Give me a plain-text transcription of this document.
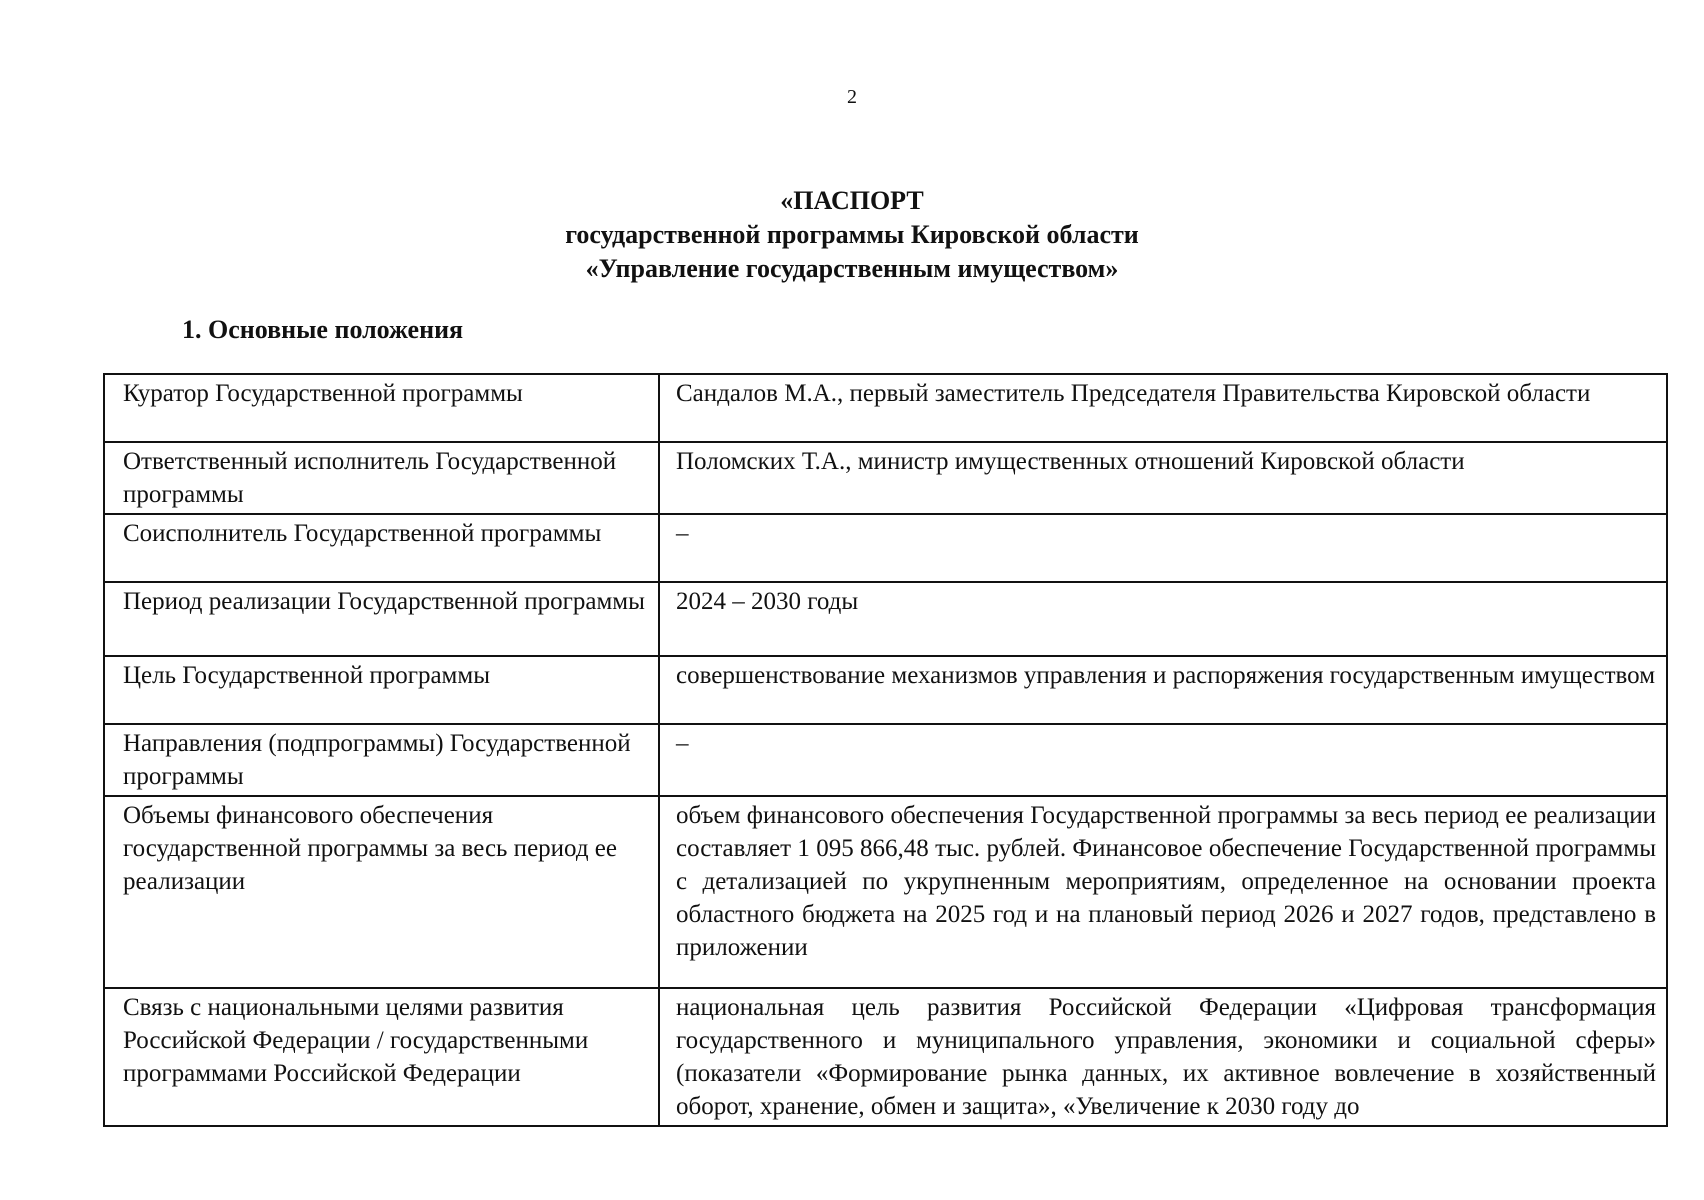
2
«ПАСПОРТ
государственной программы Кировской области
«Управление государственным имуществом»
1. Основные положения
Куратор Государственной программы	Сандалов М.А., первый заместитель Председателя Правительства Кировской области
Ответственный исполнитель Государственной программы	Поломских Т.А., министр имущественных отношений Кировской области
Соисполнитель Государственной программы	–
Период реализации Государственной программы	2024 – 2030 годы
Цель Государственной программы	совершенствование механизмов управления и распоряжения государственным имуществом
Направления (подпрограммы) Государственной программы	–
Объемы финансового обеспечения государственной программы за весь период ее реализации	объем финансового обеспечения Государственной программы за весь период ее реализации составляет 1 095 866,48 тыс. рублей. Финансовое обеспечение Государственной программы с детализацией по укрупненным мероприятиям, определенное на основании проекта областного бюджета на 2025 год и на плановый период 2026 и 2027 годов, представлено в приложении
Связь с национальными целями развития Российской Федерации / государственными программами Российской Федерации	национальная цель развития Российской Федерации «Цифровая трансформация государственного и муниципального управления, экономики и социальной сферы» (показатели «Формирование рынка данных, их активное вовлечение в хозяйственный оборот, хранение, обмен и защита», «Увеличение к 2030 году до
